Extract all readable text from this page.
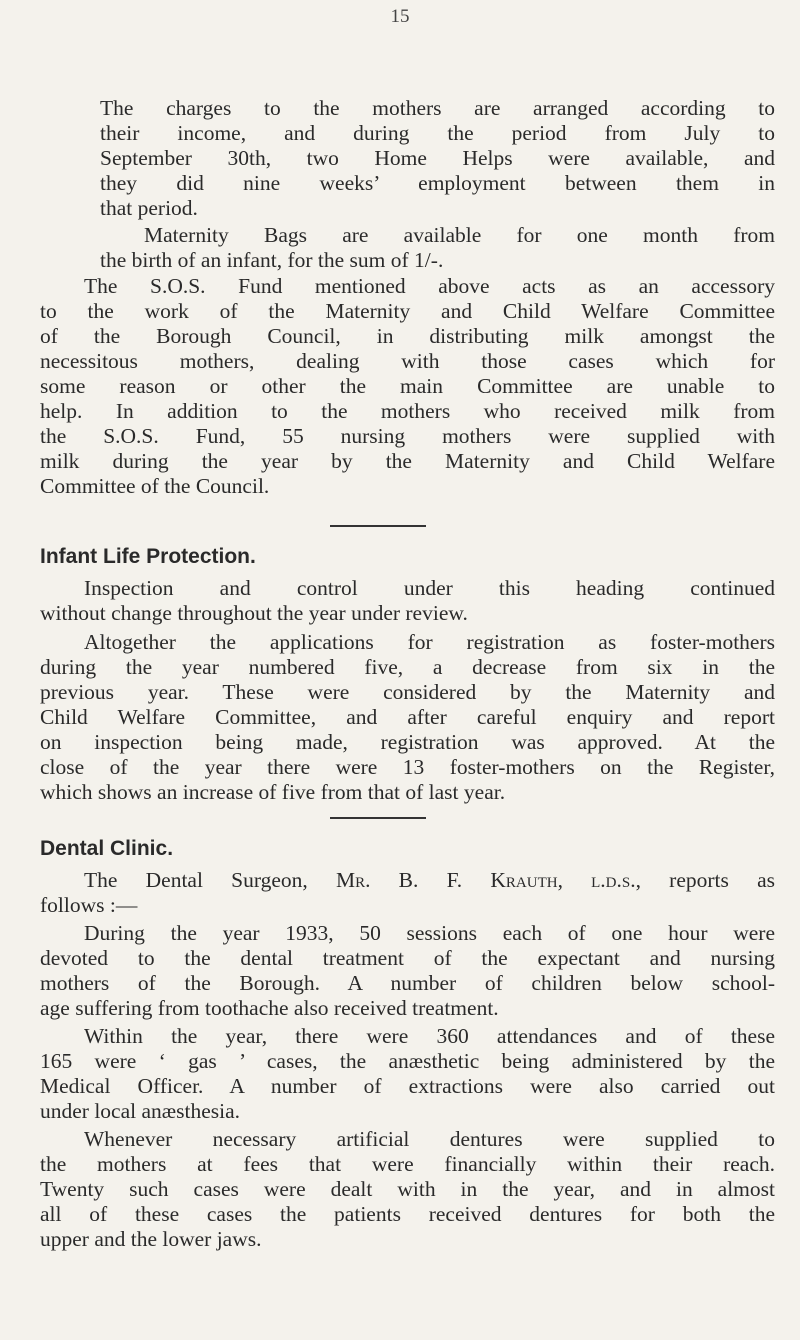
15
The charges to the mothers are arranged according to
their income, and during the period from July to
September 30th, two Home Helps were available, and
they did nine weeks’ employment between them in
that period.
Maternity Bags are available for one month from
the birth of an infant, for the sum of 1/-.
The S.O.S. Fund mentioned above acts as an accessory
to the work of the Maternity and Child Welfare Committee
of the Borough Council, in distributing milk amongst the
necessitous mothers, dealing with those cases which for
some reason or other the main Committee are unable to
help. In addition to the mothers who received milk from
the S.O.S. Fund, 55 nursing mothers were supplied with
milk during the year by the Maternity and Child Welfare
Committee of the Council.
Infant Life Protection.
Inspection and control under this heading continued
without change throughout the year under review.
Altogether the applications for registration as foster-mothers
during the year numbered five, a decrease from six in the
previous year. These were considered by the Maternity and
Child Welfare Committee, and after careful enquiry and report
on inspection being made, registration was approved. At the
close of the year there were 13 foster-mothers on the Register,
which shows an increase of five from that of last year.
Dental Clinic.
The Dental Surgeon, Mr. B. F. Krauth, l.d.s., reports as
follows :—
During the year 1933, 50 sessions each of one hour were
devoted to the dental treatment of the expectant and nursing
mothers of the Borough. A number of children below school-
age suffering from toothache also received treatment.
Within the year, there were 360 attendances and of these
165 were ‘ gas ’ cases, the anæsthetic being administered by the
Medical Officer. A number of extractions were also carried out
under local anæsthesia.
Whenever necessary artificial dentures were supplied to
the mothers at fees that were financially within their reach.
Twenty such cases were dealt with in the year, and in almost
all of these cases the patients received dentures for both the
upper and the lower jaws.
